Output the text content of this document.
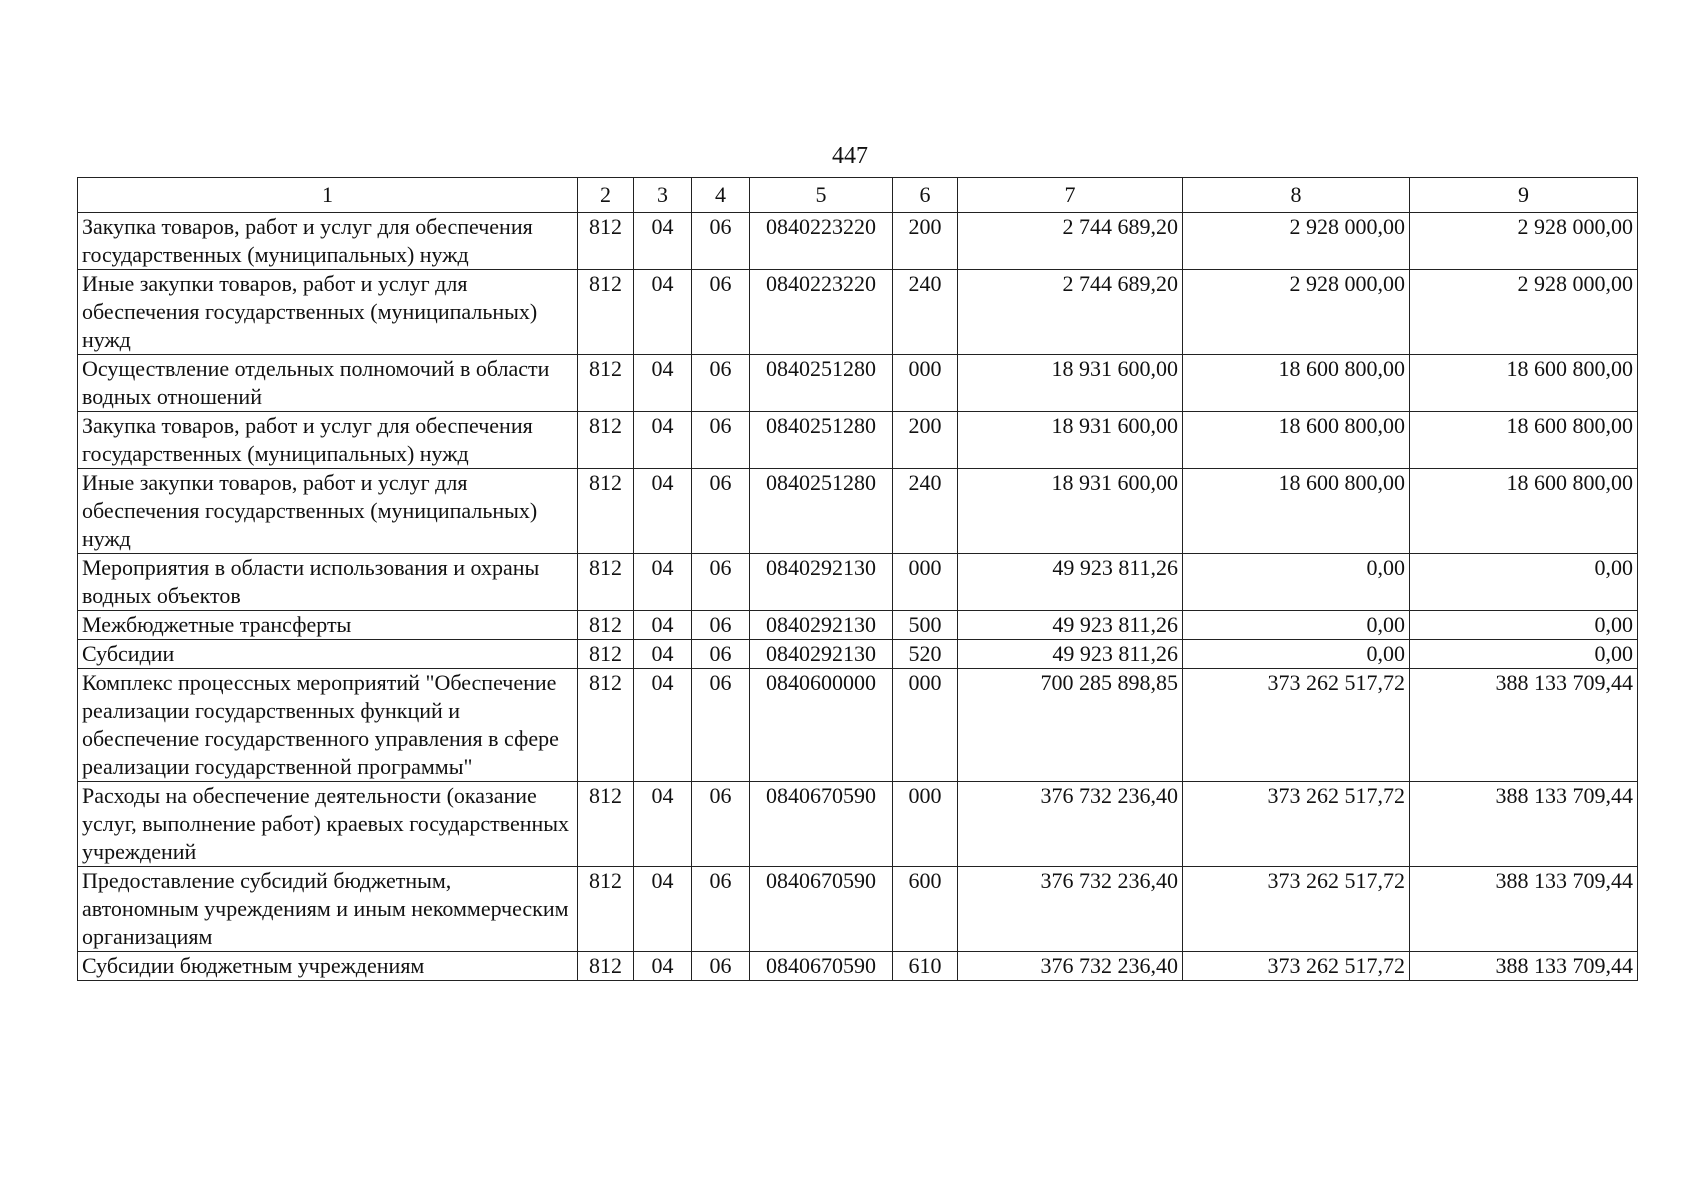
447
1	2	3	4	5	6	7	8	9
Закупка товаров, работ и услуг для обеспечения государственных (муниципальных) нужд	812	04	06	0840223220	200	2 744 689,20	2 928 000,00	2 928 000,00
Иные закупки товаров, работ и услуг для обеспечения государственных (муниципальных) нужд	812	04	06	0840223220	240	2 744 689,20	2 928 000,00	2 928 000,00
Осуществление отдельных полномочий в области водных отношений	812	04	06	0840251280	000	18 931 600,00	18 600 800,00	18 600 800,00
Закупка товаров, работ и услуг для обеспечения государственных (муниципальных) нужд	812	04	06	0840251280	200	18 931 600,00	18 600 800,00	18 600 800,00
Иные закупки товаров, работ и услуг для обеспечения государственных (муниципальных) нужд	812	04	06	0840251280	240	18 931 600,00	18 600 800,00	18 600 800,00
Мероприятия в области использования и охраны водных объектов	812	04	06	0840292130	000	49 923 811,26	0,00	0,00
Межбюджетные трансферты	812	04	06	0840292130	500	49 923 811,26	0,00	0,00
Субсидии	812	04	06	0840292130	520	49 923 811,26	0,00	0,00
Комплекс процессных мероприятий "Обеспечение реализации государственных функций и обеспечение государственного управления в сфере реализации государственной программы"	812	04	06	0840600000	000	700 285 898,85	373 262 517,72	388 133 709,44
Расходы на обеспечение деятельности (оказание услуг, выполнение работ) краевых государственных учреждений	812	04	06	0840670590	000	376 732 236,40	373 262 517,72	388 133 709,44
Предоставление субсидий бюджетным, автономным учреждениям и иным некоммерческим организациям	812	04	06	0840670590	600	376 732 236,40	373 262 517,72	388 133 709,44
Субсидии бюджетным учреждениям	812	04	06	0840670590	610	376 732 236,40	373 262 517,72	388 133 709,44
